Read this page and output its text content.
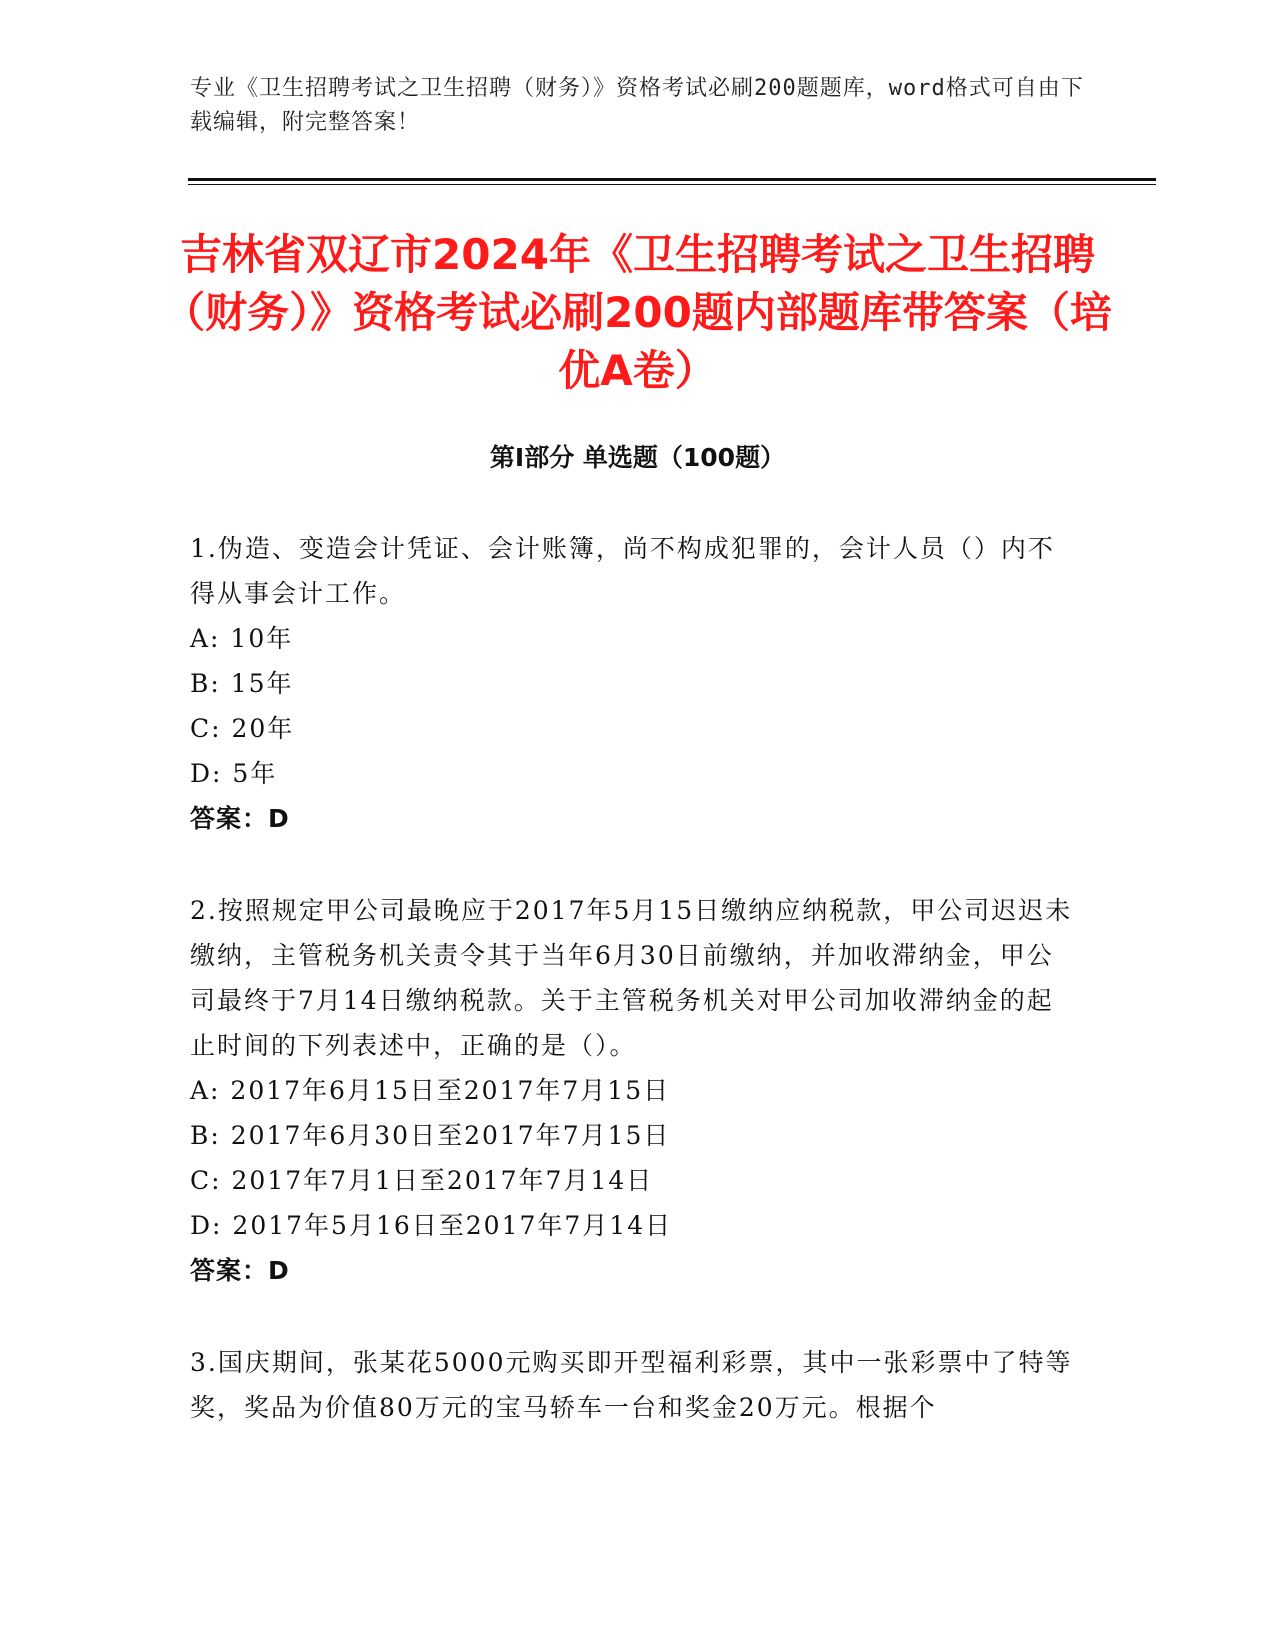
专业《卫生招聘考试之卫生招聘（财务）》资格考试必刷200题题库，word格式可自由下载编辑，附完整答案！
吉林省双辽市2024年《卫生招聘考试之卫生招聘（财务）》资格考试必刷200题内部题库带答案（培优A卷）
第I部分 单选题（100题）
1.伪造、变造会计凭证、会计账簿，尚不构成犯罪的，会计人员（）内不得从事会计工作。
A: 10年
B: 15年
C: 20年
D: 5年
答案：D
2.按照规定甲公司最晚应于2017年5月15日缴纳应纳税款，甲公司迟迟未缴纳，主管税务机关责令其于当年6月30日前缴纳，并加收滞纳金，甲公司最终于7月14日缴纳税款。关于主管税务机关对甲公司加收滞纳金的起止时间的下列表述中，正确的是（）。
A: 2017年6月15日至2017年7月15日
B: 2017年6月30日至2017年7月15日
C: 2017年7月1日至2017年7月14日
D: 2017年5月16日至2017年7月14日
答案：D
3.国庆期间，张某花5000元购买即开型福利彩票，其中一张彩票中了特等奖，奖品为价值80万元的宝马轿车一台和奖金20万元。根据个
